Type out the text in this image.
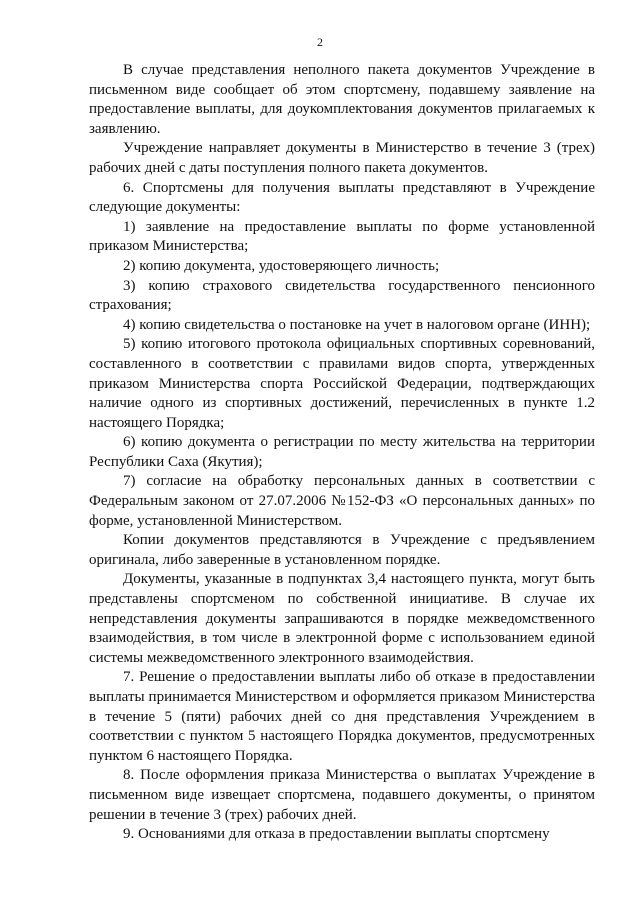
2

В случае представления неполного пакета документов Учреждение в письменном виде сообщает об этом спортсмену, подавшему заявление на предоставление выплаты, для доукомплектования документов прилагаемых к заявлению.

Учреждение направляет документы в Министерство в течение 3 (трех) рабочих дней с даты поступления полного пакета документов.

6. Спортсмены для получения выплаты представляют в Учреждение следующие документы:

1) заявление на предоставление выплаты по форме установленной приказом Министерства;

2) копию документа, удостоверяющего личность;

3) копию страхового свидетельства государственного пенсионного страхования;

4) копию свидетельства о постановке на учет в налоговом органе (ИНН);

5) копию итогового протокола официальных спортивных соревнований, составленного в соответствии с правилами видов спорта, утвержденных приказом Министерства спорта Российской Федерации, подтверждающих наличие одного из спортивных достижений, перечисленных в пункте 1.2 настоящего Порядка;

6) копию документа о регистрации по месту жительства на территории Республики Саха (Якутия);

7) согласие на обработку персональных данных в соответствии с Федеральным законом от 27.07.2006 №152-ФЗ «О персональных данных» по форме, установленной Министерством.

Копии документов представляются в Учреждение с предъявлением оригинала, либо заверенные в установленном порядке.

Документы, указанные в подпунктах 3,4 настоящего пункта, могут быть представлены спортсменом по собственной инициативе. В случае их непредставления документы запрашиваются в порядке межведомственного взаимодействия, в том числе в электронной форме с использованием единой системы межведомственного электронного взаимодействия.

7. Решение о предоставлении выплаты либо об отказе в предоставлении выплаты принимается Министерством и оформляется приказом Министерства в течение 5 (пяти) рабочих дней со дня представления Учреждением в соответствии с пунктом 5 настоящего Порядка документов, предусмотренных пунктом 6 настоящего Порядка.

8. После оформления приказа Министерства о выплатах Учреждение в письменном виде извещает спортсмена, подавшего документы, о принятом решении в течение 3 (трех) рабочих дней.

9. Основаниями для отказа в предоставлении выплаты спортсмену
